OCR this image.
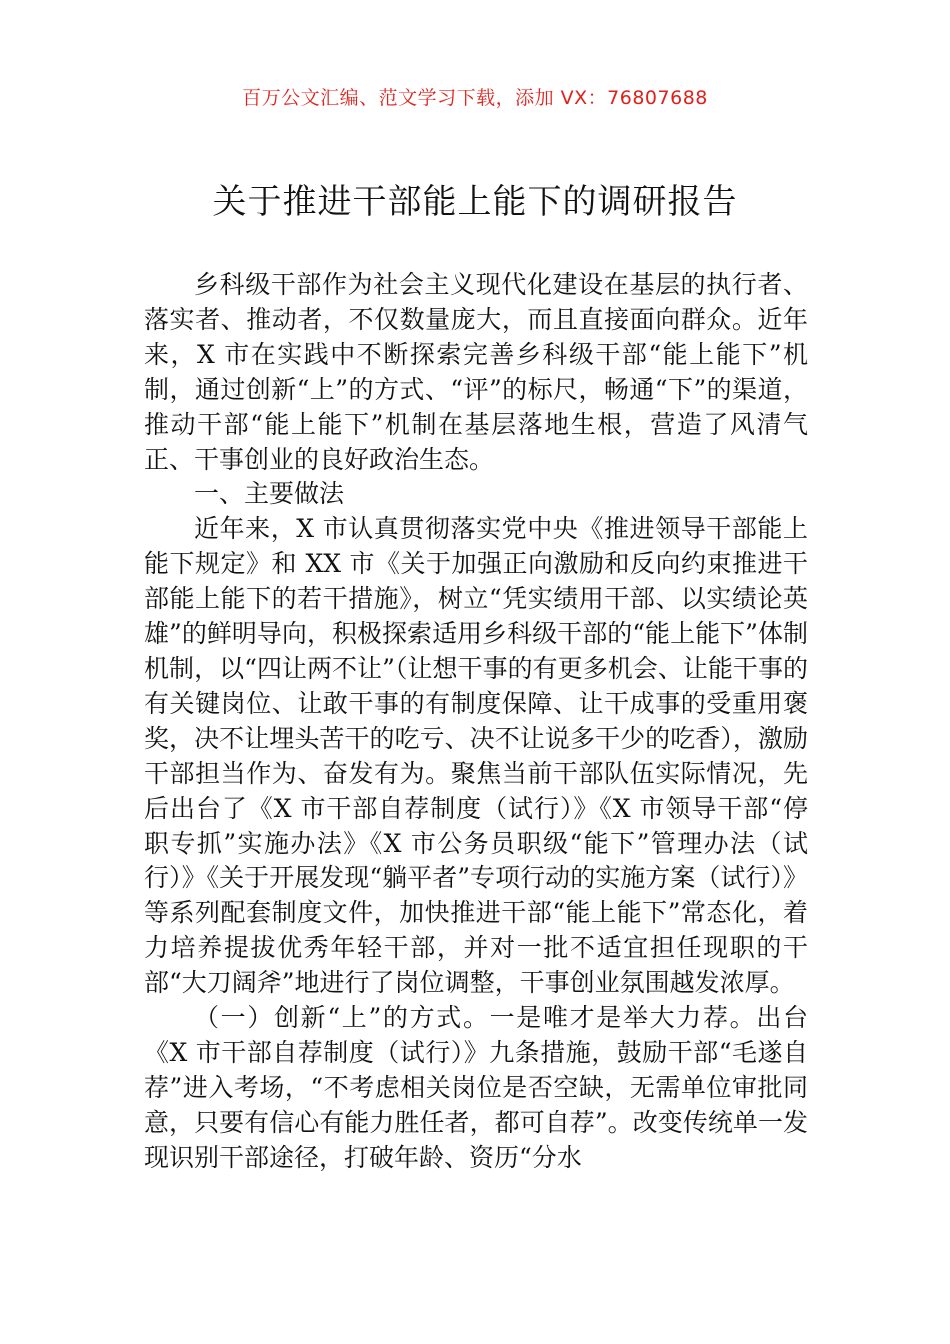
百万公文汇编、范文学习下载，添加 VX：76807688
关于推进干部能上能下的调研报告

乡科级干部作为社会主义现代化建设在基层的执行者、落实者、推动者，不仅数量庞大，而且直接面向群众。近年来，X 市在实践中不断探索完善乡科级干部“能上能下”机制，通过创新“上”的方式、“评”的标尺，畅通“下”的渠道，推动干部“能上能下”机制在基层落地生根，营造了风清气正、干事创业的良好政治生态。

一、主要做法

近年来，X 市认真贯彻落实党中央《推进领导干部能上能下规定》和 XX 市《关于加强正向激励和反向约束推进干部能上能下的若干措施》，树立“凭实绩用干部、以实绩论英雄”的鲜明导向，积极探索适用乡科级干部的“能上能下”体制机制，以“四让两不让”（让想干事的有更多机会、让能干事的有关键岗位、让敢干事的有制度保障、让干成事的受重用褒奖，决不让埋头苦干的吃亏、决不让说多干少的吃香），激励干部担当作为、奋发有为。聚焦当前干部队伍实际情况，先后出台了《X 市干部自荐制度（试行）》《X 市领导干部“停职专抓”实施办法》《X 市公务员职级“能下”管理办法（试行）》《关于开展发现“躺平者”专项行动的实施方案（试行）》等系列配套制度文件，加快推进干部“能上能下”常态化，着力培养提拔优秀年轻干部，并对一批不适宜担任现职的干部“大刀阔斧”地进行了岗位调整，干事创业氛围越发浓厚。

（一）创新“上”的方式。一是唯才是举大力荐。出台《X 市干部自荐制度（试行）》九条措施，鼓励干部“毛遂自荐”进入考场，“不考虑相关岗位是否空缺，无需单位审批同意，只要有信心有能力胜任者，都可自荐”。改变传统单一发现识别干部途径，打破年龄、资历“分水
